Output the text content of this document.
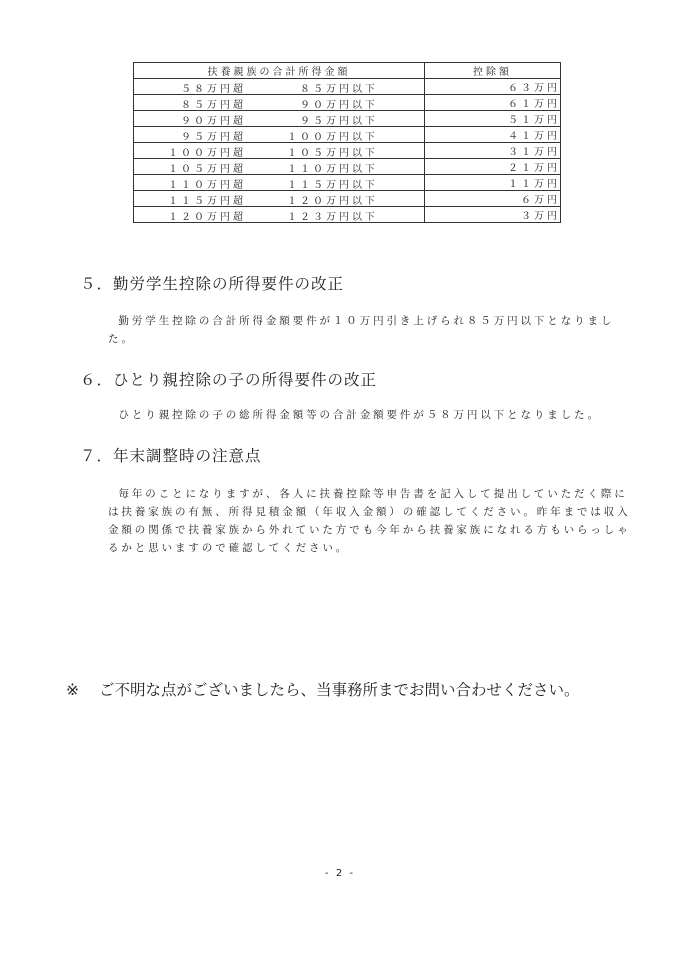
扶養親族の合計所得金額	控除額

５８万円超 ８５万円以下	６３万円

８５万円超 ９０万円以下	６１万円

９０万円超 ９５万円以下	５１万円

９５万円超 １００万円以下	４１万円

１００万円超 １０５万円以下	３１万円

１０５万円超 １１０万円以下	２１万円

１１０万円超 １１５万円以下	１１万円

１１５万円超 １２０万円以下	６万円

１２０万円超 １２３万円以下	３万円
５．勤労学生控除の所得要件の改正
勤労学生控除の合計所得金額要件が１０万円引き上げられ８５万円以下となりました。
６．ひとり親控除の子の所得要件の改正
ひとり親控除の子の総所得金額等の合計金額要件が５８万円以下となりました。
７．年末調整時の注意点
毎年のことになりますが、各人に扶養控除等申告書を記入して提出していただく際には扶養家族の有無、所得見積金額（年収入金額）の確認してください。昨年までは収入金額の関係で扶養家族から外れていた方でも今年から扶養家族になれる方もいらっしゃるかと思いますので確認してください。
※ ご不明な点がございましたら、当事務所までお問い合わせください。
- 2 -
